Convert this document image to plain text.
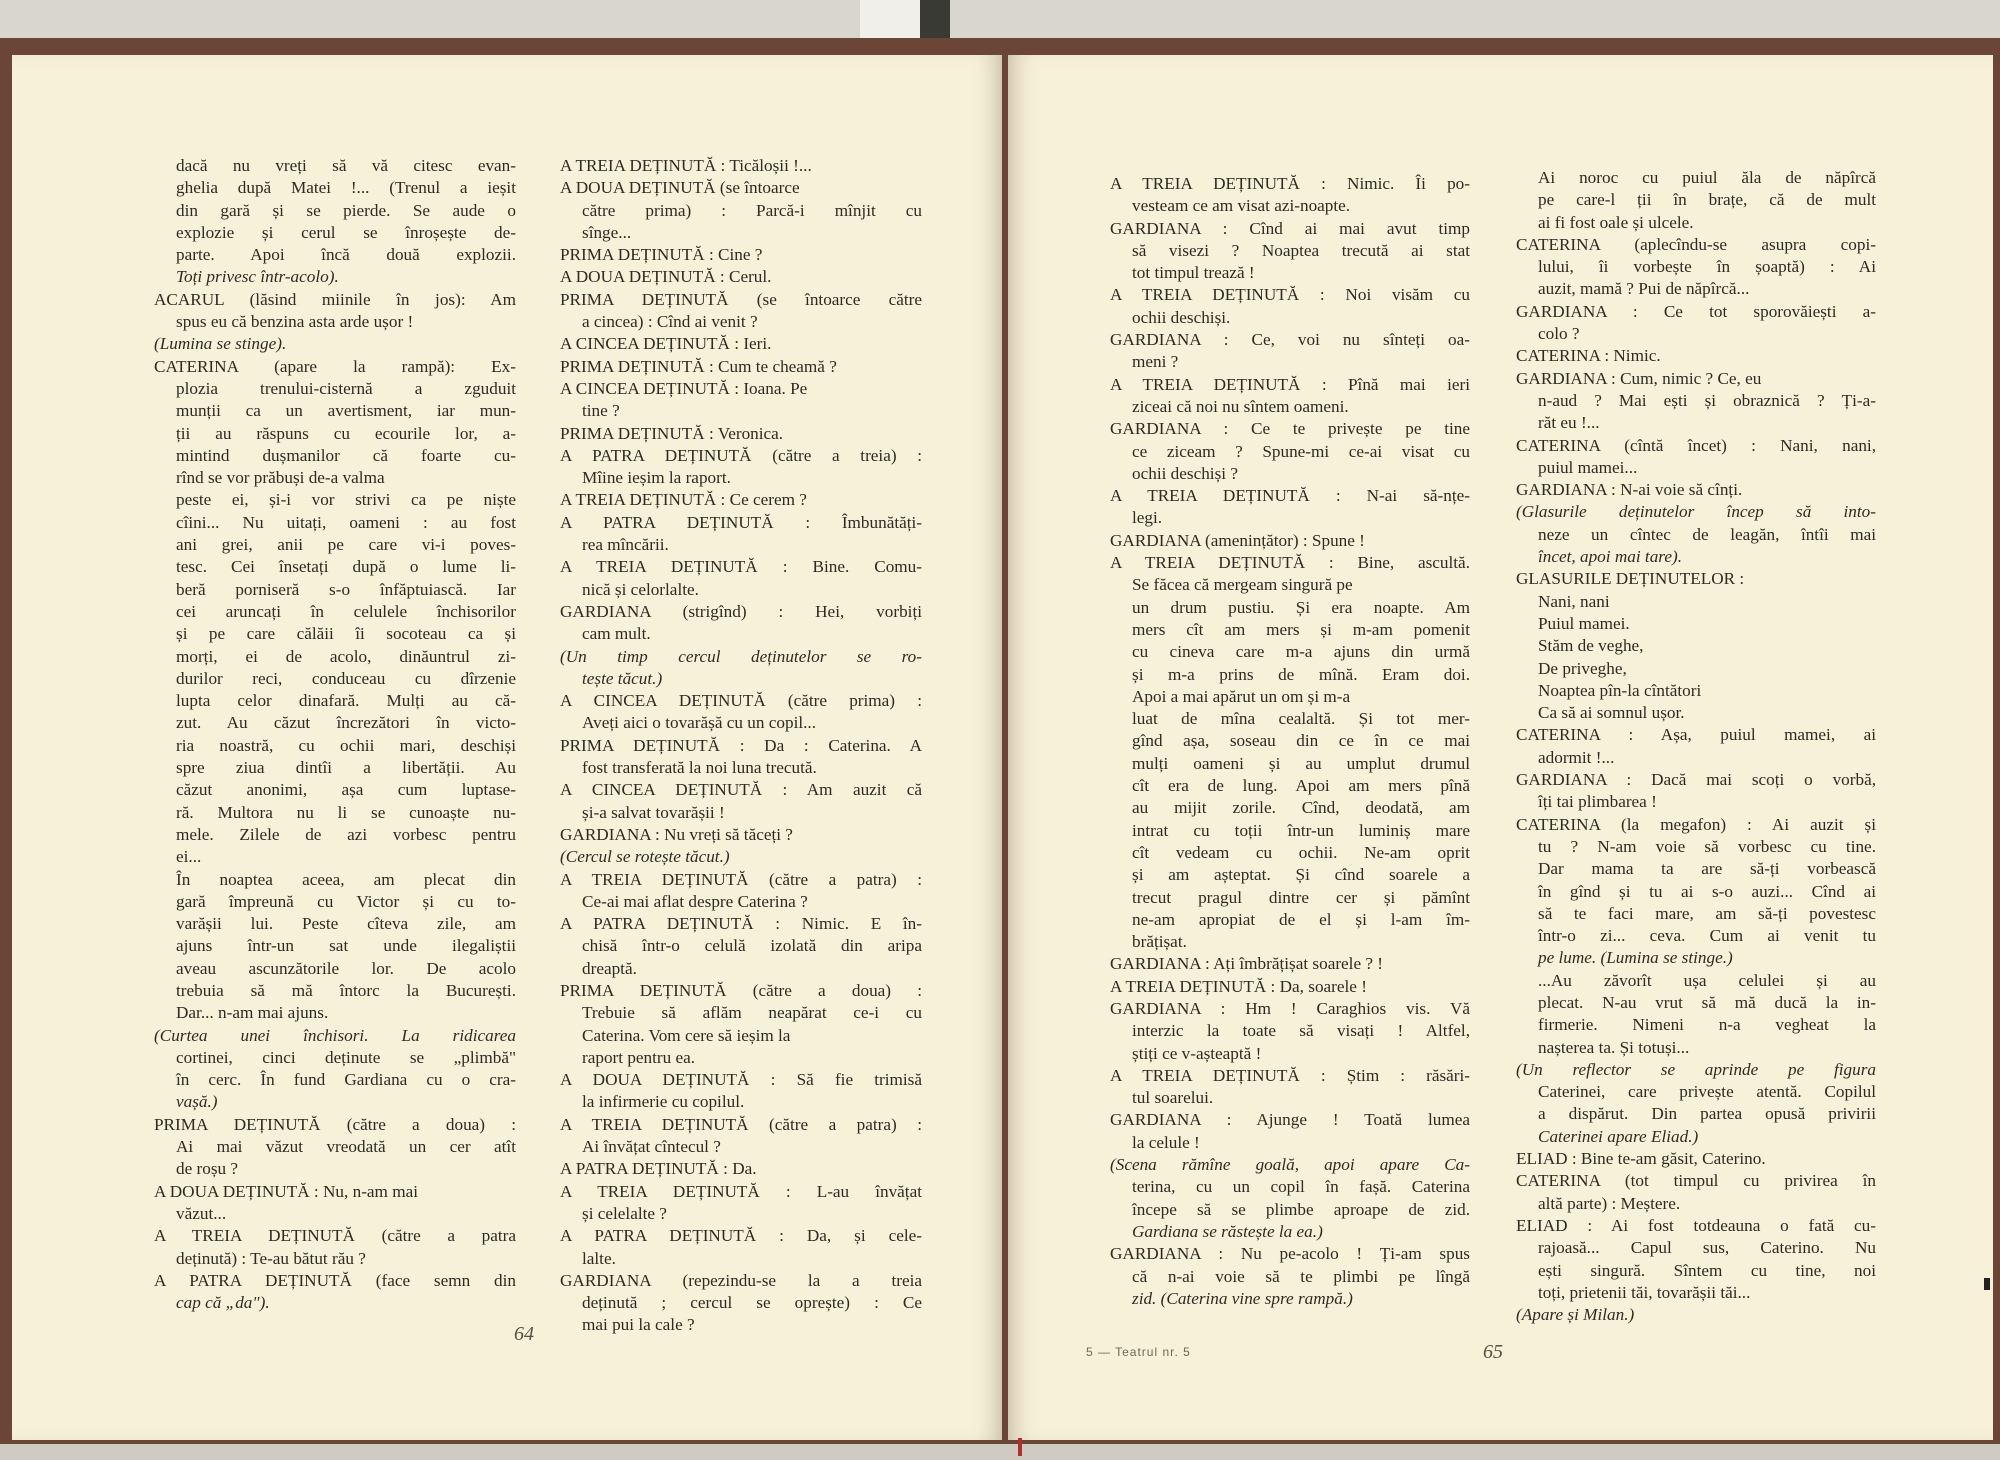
dacă nu vreți să vă citesc evan-
ghelia după Matei !... (Trenul a ieșit
din gară și se pierde. Se aude o
explozie și cerul se înroșește de-
parte. Apoi încă două explozii.
Toți privesc într-acolo).
ACARUL (lăsind miinile în jos): Am
spus eu că benzina asta arde ușor !
(Lumina se stinge).
CATERINA (apare la rampă): Ex-
plozia trenului-cisternă a zguduit
munții ca un avertisment, iar mun-
ții au răspuns cu ecourile lor, a-
mintind dușmanilor că foarte cu-
rînd se vor prăbuși de-a valma
peste ei, și-i vor strivi ca pe niște
cîini... Nu uitați, oameni : au fost
ani grei, anii pe care vi-i poves-
tesc. Cei însetați după o lume li-
beră porniseră s-o înfăptuiască. Iar
cei aruncați în celulele închisorilor
și pe care călăii îi socoteau ca și
morți, ei de acolo, dinăuntrul zi-
durilor reci, conduceau cu dîrzenie
lupta celor dinafară. Mulți au că-
zut. Au căzut încrezători în victo-
ria noastră, cu ochii mari, deschiși
spre ziua dintîi a libertății. Au
căzut anonimi, așa cum luptase-
ră. Multora nu li se cunoaște nu-
mele. Zilele de azi vorbesc pentru
ei...
În noaptea aceea, am plecat din
gară împreună cu Victor și cu to-
varășii lui. Peste cîteva zile, am
ajuns într-un sat unde ilegaliștii
aveau ascunzătorile lor. De acolo
trebuia să mă întorc la București.
Dar... n-am mai ajuns.
(Curtea unei închisori. La ridicarea
cortinei, cinci deținute se „plimbă"
în cerc. În fund Gardiana cu o cra-
vașă.)
PRIMA DEȚINUTĂ (către a doua) :
Ai mai văzut vreodată un cer atît
de roșu ?
A DOUA DEȚINUTĂ : Nu, n-am mai
văzut...
A TREIA DEȚINUTĂ (către a patra
deținută) : Te-au bătut rău ?
A PATRA DEȚINUTĂ (face semn din
cap că „da").
A TREIA DEȚINUTĂ : Ticăloșii !...
A DOUA DEȚINUTĂ (se întoarce
către prima) : Parcă-i mînjit cu
sînge...
PRIMA DEȚINUTĂ : Cine ?
A DOUA DEȚINUTĂ : Cerul.
PRIMA DEȚINUTĂ (se întoarce către
a cincea) : Cînd ai venit ?
A CINCEA DEȚINUTĂ : Ieri.
PRIMA DEȚINUTĂ : Cum te cheamă ?
A CINCEA DEȚINUTĂ : Ioana. Pe
tine ?
PRIMA DEȚINUTĂ : Veronica.
A PATRA DEȚINUTĂ (către a treia) :
Mîine ieșim la raport.
A TREIA DEȚINUTĂ : Ce cerem ?
A PATRA DEȚINUTĂ : Îmbunătăți-
rea mîncării.
A TREIA DEȚINUTĂ : Bine. Comu-
nică și celorlalte.
GARDIANA (strigînd) : Hei, vorbiți
cam mult.
(Un timp cercul deținutelor se ro-
tește tăcut.)
A CINCEA DEȚINUTĂ (către prima) :
Aveți aici o tovarășă cu un copil...
PRIMA DEȚINUTĂ : Da : Caterina. A
fost transferată la noi luna trecută.
A CINCEA DEȚINUTĂ : Am auzit că
și-a salvat tovarășii !
GARDIANA : Nu vreți să tăceți ?
(Cercul se rotește tăcut.)
A TREIA DEȚINUTĂ (către a patra) :
Ce-ai mai aflat despre Caterina ?
A PATRA DEȚINUTĂ : Nimic. E în-
chisă într-o celulă izolată din aripa
dreaptă.
PRIMA DEȚINUTĂ (către a doua) :
Trebuie să aflăm neapărat ce-i cu
Caterina. Vom cere să ieșim la
raport pentru ea.
A DOUA DEȚINUTĂ : Să fie trimisă
la infirmerie cu copilul.
A TREIA DEȚINUTĂ (către a patra) :
Ai învățat cîntecul ?
A PATRA DEȚINUTĂ : Da.
A TREIA DEȚINUTĂ : L-au învățat
și celelalte ?
A PATRA DEȚINUTĂ : Da, și cele-
lalte.
GARDIANA (repezindu-se la a treia
deținută ; cercul se oprește) : Ce
mai pui la cale ?
64
A TREIA DEȚINUTĂ : Nimic. Îi po-
vesteam ce am visat azi-noapte.
GARDIANA : Cînd ai mai avut timp
să visezi ? Noaptea trecută ai stat
tot timpul trează !
A TREIA DEȚINUTĂ : Noi visăm cu
ochii deschiși.
GARDIANA : Ce, voi nu sînteți oa-
meni ?
A TREIA DEȚINUTĂ : Pînă mai ieri
ziceai că noi nu sîntem oameni.
GARDIANA : Ce te privește pe tine
ce ziceam ? Spune-mi ce-ai visat cu
ochii deschiși ?
A TREIA DEȚINUTĂ : N-ai să-nțe-
legi.
GARDIANA (amenințător) : Spune !
A TREIA DEȚINUTĂ : Bine, ascultă.
Se făcea că mergeam singură pe
un drum pustiu. Și era noapte. Am
mers cît am mers și m-am pomenit
cu cineva care m-a ajuns din urmă
și m-a prins de mînă. Eram doi.
Apoi a mai apărut un om și m-a
luat de mîna cealaltă. Și tot mer-
gînd așa, soseau din ce în ce mai
mulți oameni și au umplut drumul
cît era de lung. Apoi am mers pînă
au mijit zorile. Cînd, deodată, am
intrat cu toții într-un luminiș mare
cît vedeam cu ochii. Ne-am oprit
și am așteptat. Și cînd soarele a
trecut pragul dintre cer și pămînt
ne-am apropiat de el și l-am îm-
brățișat.
GARDIANA : Ați îmbrățișat soarele ? !
A TREIA DEȚINUTĂ : Da, soarele !
GARDIANA : Hm ! Caraghios vis. Vă
interzic la toate să visați ! Altfel,
știți ce v-așteaptă !
A TREIA DEȚINUTĂ : Știm : răsări-
tul soarelui.
GARDIANA : Ajunge ! Toată lumea
la celule !
(Scena rămîne goală, apoi apare Ca-
terina, cu un copil în fașă. Caterina
începe să se plimbe aproape de zid.
Gardiana se răstește la ea.)
GARDIANA : Nu pe-acolo ! Ți-am spus
că n-ai voie să te plimbi pe lîngă
zid. (Caterina vine spre rampă.)
Ai noroc cu puiul ăla de năpîrcă
pe care-l ții în brațe, că de mult
ai fi fost oale și ulcele.
CATERINA (aplecîndu-se asupra copi-
lului, îi vorbește în șoaptă) : Ai
auzit, mamă ? Pui de năpîrcă...
GARDIANA : Ce tot sporovăiești a-
colo ?
CATERINA : Nimic.
GARDIANA : Cum, nimic ? Ce, eu
n-aud ? Mai ești și obraznică ? Ți-a-
răt eu !...
CATERINA (cîntă încet) : Nani, nani,
puiul mamei...
GARDIANA : N-ai voie să cînți.
(Glasurile deținutelor încep să into-
neze un cîntec de leagăn, întîi mai
încet, apoi mai tare).
GLASURILE DEȚINUTELOR :
Nani, nani
Puiul mamei.
Stăm de veghe,
De priveghe,
Noaptea pîn-la cîntători
Ca să ai somnul ușor.
CATERINA : Așa, puiul mamei, ai
adormit !...
GARDIANA : Dacă mai scoți o vorbă,
îți tai plimbarea !
CATERINA (la megafon) : Ai auzit și
tu ? N-am voie să vorbesc cu tine.
Dar mama ta are să-ți vorbească
în gînd și tu ai s-o auzi... Cînd ai
să te faci mare, am să-ți povestesc
într-o zi... ceva. Cum ai venit tu
pe lume. (Lumina se stinge.)
...Au zăvorît ușa celulei și au
plecat. N-au vrut să mă ducă la in-
firmerie. Nimeni n-a vegheat la
nașterea ta. Și totuși...
(Un reflector se aprinde pe figura
Caterinei, care privește atentă. Copilul
a dispărut. Din partea opusă privirii
Caterinei apare Eliad.)
ELIAD : Bine te-am găsit, Caterino.
CATERINA (tot timpul cu privirea în
altă parte) : Meștere.
ELIAD : Ai fost totdeauna o fată cu-
rajoasă... Capul sus, Caterino. Nu
ești singură. Sîntem cu tine, noi
toți, prietenii tăi, tovarășii tăi...
(Apare și Milan.)
5 — Teatrul nr. 5	65
